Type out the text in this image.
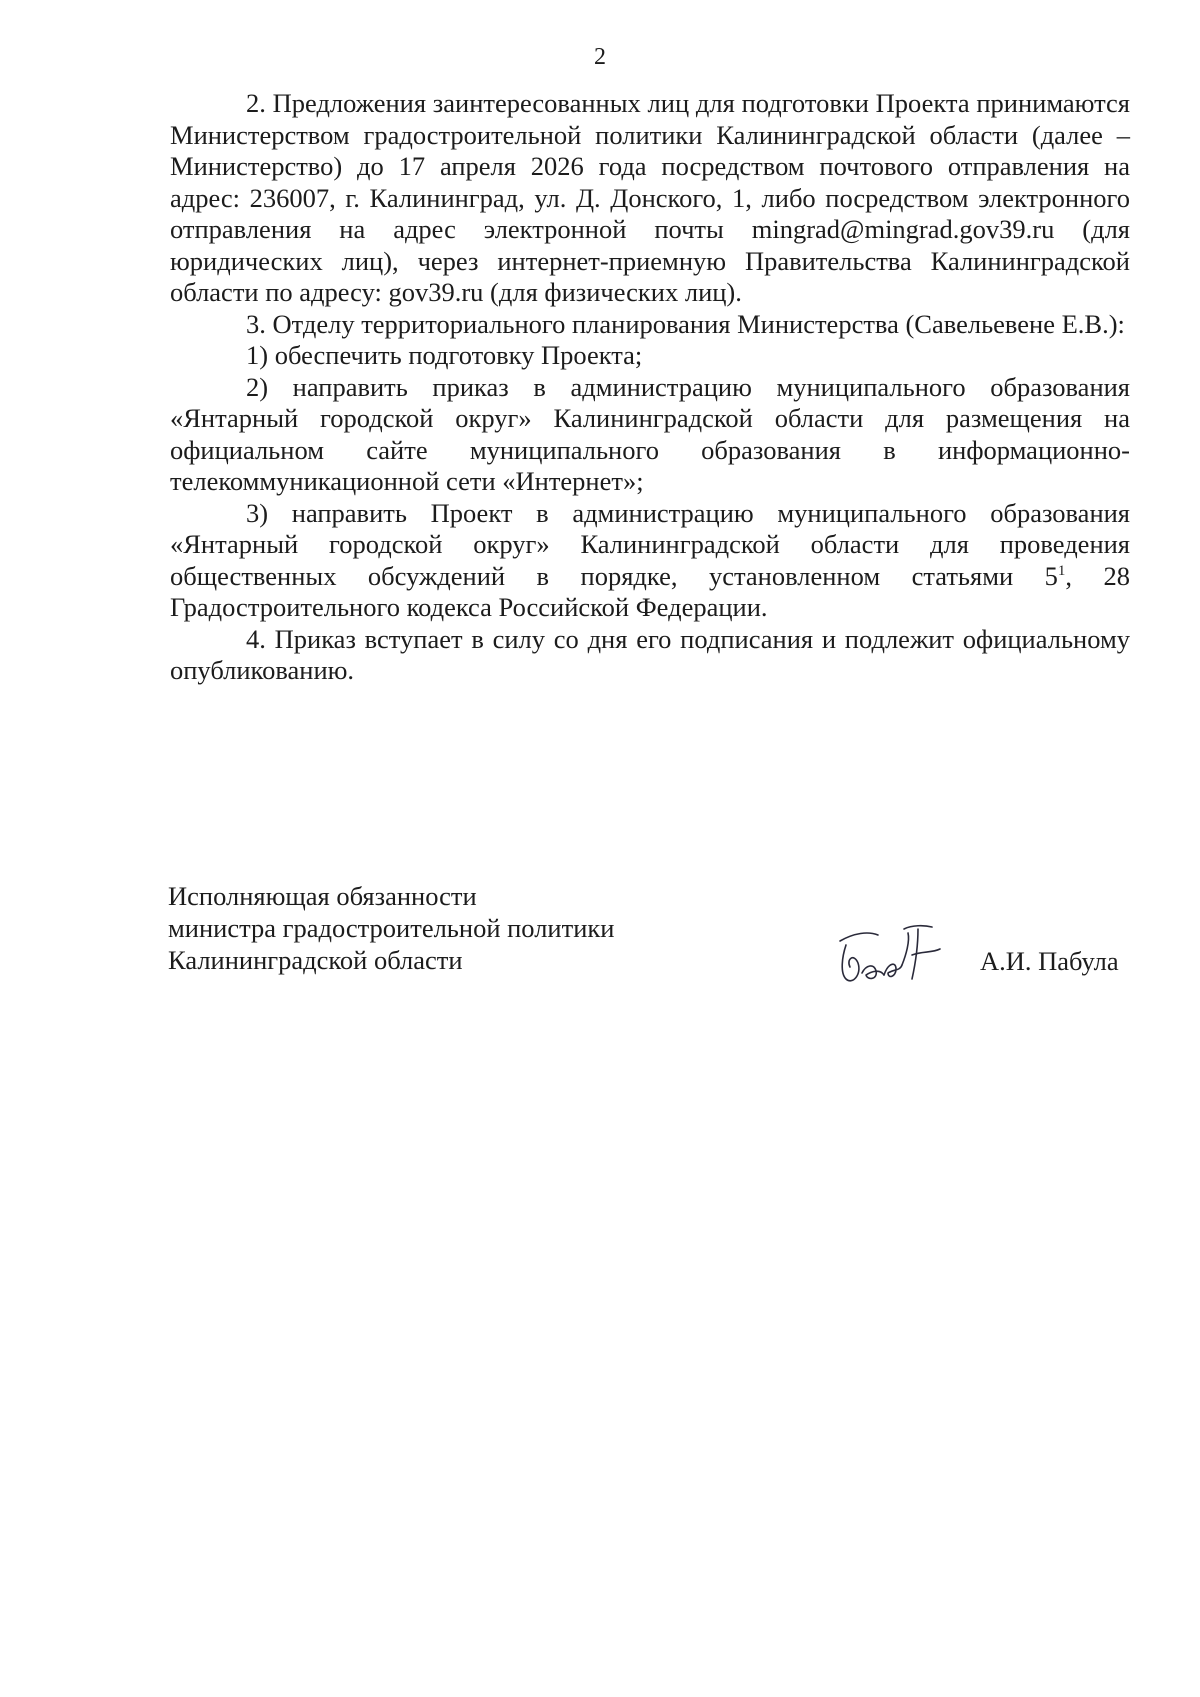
2

2. Предложения заинтересованных лиц для подготовки Проекта принимаются Министерством градостроительной политики Калининградской области (далее – Министерство) до 17 апреля 2026 года посредством почтового отправления на адрес: 236007, г. Калининград, ул. Д. Донского, 1, либо посредством электронного отправления на адрес электронной почты mingrad@mingrad.gov39.ru (для юридических лиц), через интернет-приемную Правительства Калининградской области по адресу: gov39.ru (для физических лиц).

3. Отделу территориального планирования Министерства (Савельевене Е.В.):

1) обеспечить подготовку Проекта;

2) направить приказ в администрацию муниципального образования «Янтарный городской округ» Калининградской области для размещения на официальном сайте муниципального образования в информационно-телекоммуникационной сети «Интернет»;

3) направить Проект в администрацию муниципального образования «Янтарный городской округ» Калининградской области для проведения общественных обсуждений в порядке, установленном статьями $5^1$, 28 Градостроительного кодекса Российской Федерации.

4. Приказ вступает в силу со дня его подписания и подлежит официальному опубликованию.

Исполняющая обязанности
министра градостроительной политики
Калининградской области	А.И. Пабула
